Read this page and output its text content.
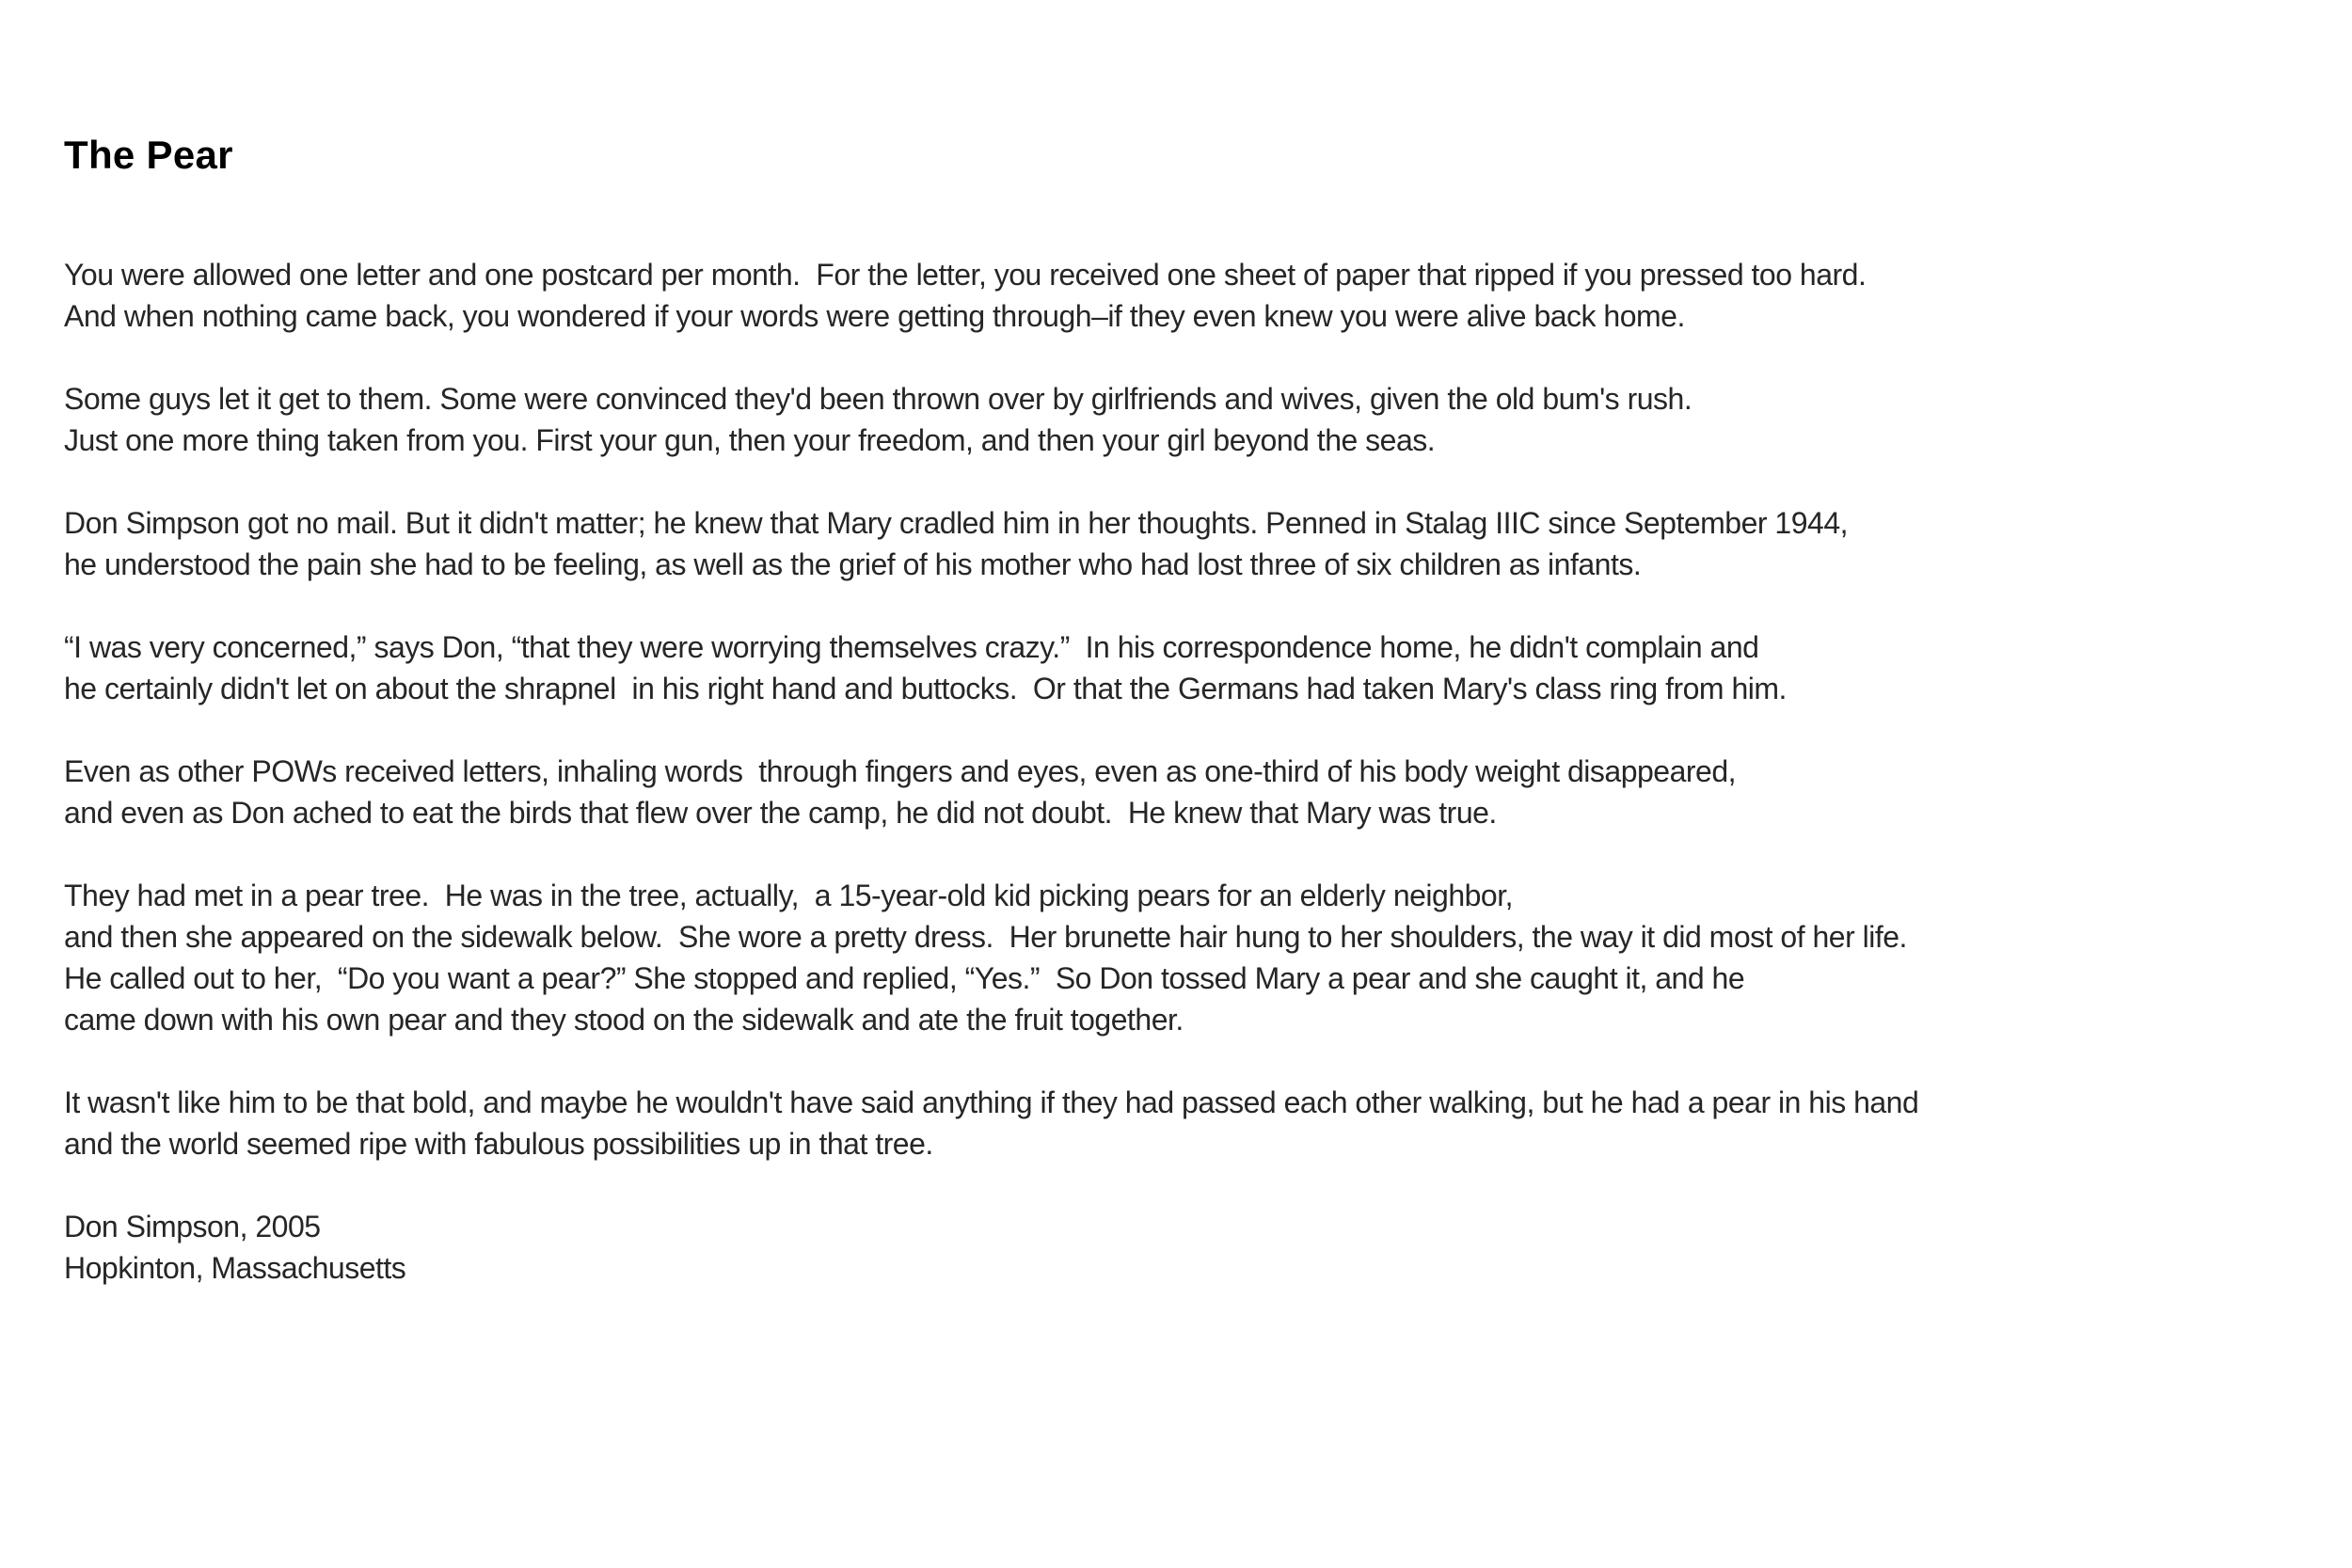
The Pear

You were allowed one letter and one postcard per month.  For the letter, you received one sheet of paper that ripped if you pressed too hard.
And when nothing came back, you wondered if your words were getting through–if they even knew you were alive back home.

Some guys let it get to them. Some were convinced they'd been thrown over by girlfriends and wives, given the old bum's rush.
Just one more thing taken from you. First your gun, then your freedom, and then your girl beyond the seas.

Don Simpson got no mail. But it didn't matter; he knew that Mary cradled him in her thoughts. Penned in Stalag IIIC since September 1944,
he understood the pain she had to be feeling, as well as the grief of his mother who had lost three of six children as infants.

“I was very concerned,” says Don, “that they were worrying themselves crazy.”  In his correspondence home, he didn't complain and
he certainly didn't let on about the shrapnel  in his right hand and buttocks.  Or that the Germans had taken Mary's class ring from him.

Even as other POWs received letters, inhaling words  through fingers and eyes, even as one-third of his body weight disappeared,
and even as Don ached to eat the birds that flew over the camp, he did not doubt.  He knew that Mary was true.

They had met in a pear tree.  He was in the tree, actually,  a 15-year-old kid picking pears for an elderly neighbor,
and then she appeared on the sidewalk below.  She wore a pretty dress.  Her brunette hair hung to her shoulders, the way it did most of her life.
He called out to her,  “Do you want a pear?” She stopped and replied, “Yes.”  So Don tossed Mary a pear and she caught it, and he
came down with his own pear and they stood on the sidewalk and ate the fruit together.

It wasn't like him to be that bold, and maybe he wouldn't have said anything if they had passed each other walking, but he had a pear in his hand
and the world seemed ripe with fabulous possibilities up in that tree.

Don Simpson, 2005
Hopkinton, Massachusetts
